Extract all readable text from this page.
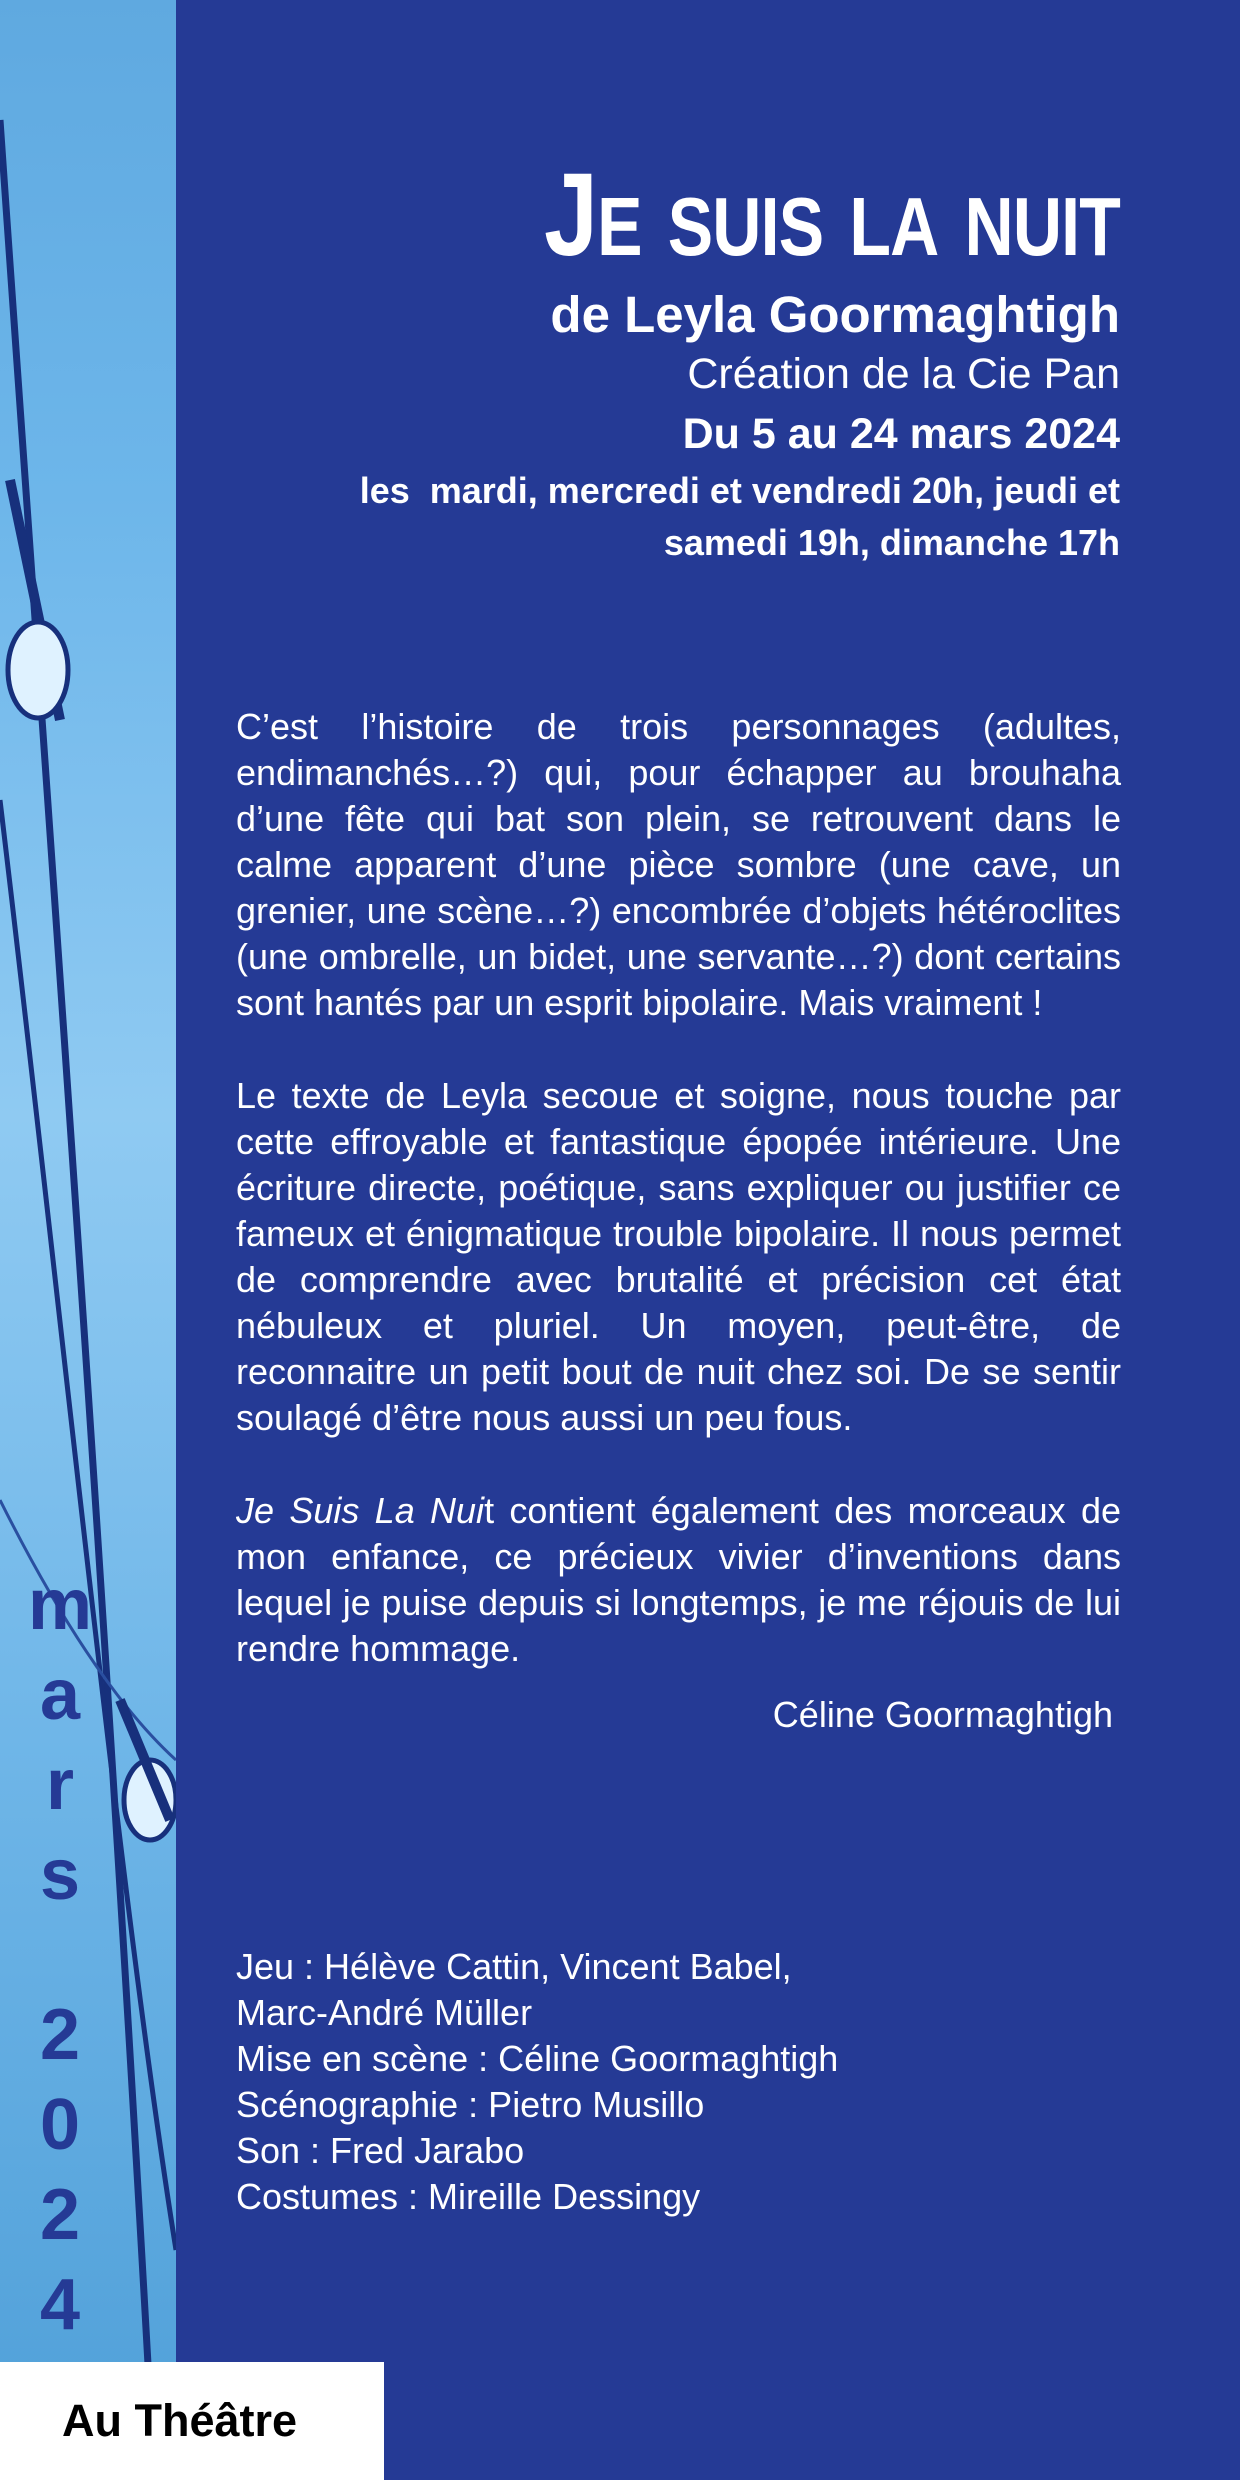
m
a
r
s
2
0
2
4
Je suis la nuit
de Leyla Goormaghtigh
Création de la Cie Pan
Du 5 au 24 mars 2024
les  mardi, mercredi et vendredi 20h, jeudi et
samedi 19h, dimanche 17h

C’est l’histoire de trois personnages (adultes, endimanchés…?) qui, pour échapper au brouhaha d’une fête qui bat son plein, se retrouvent dans le calme apparent d’une pièce sombre (une cave, un grenier, une scène…?) encombrée d’objets hétéroclites (une ombrelle, un bidet, une servante…?) dont certains sont hantés par un esprit bipolaire. Mais vraiment !

Le texte de Leyla secoue et soigne, nous touche par cette effroyable et fantastique épopée intérieure. Une écriture directe, poétique, sans expliquer ou justifier ce fameux et énigmatique trouble bipolaire. Il nous permet de comprendre avec brutalité et précision cet état nébuleux et pluriel. Un moyen, peut-être, de reconnaitre un petit bout de nuit chez soi. De se sentir soulagé d’être nous aussi un peu fous.

Je Suis La Nuit contient également des morceaux de mon enfance, ce précieux vivier d’inventions dans lequel je puise depuis si longtemps, je me réjouis de lui rendre hommage.

Céline Goormaghtigh
Jeu : Hélève Cattin, Vincent Babel,
Marc-André Müller
Mise en scène : Céline Goormaghtigh
Scénographie : Pietro Musillo
Son : Fred Jarabo
Costumes : Mireille Dessingy
Au Théâtre
